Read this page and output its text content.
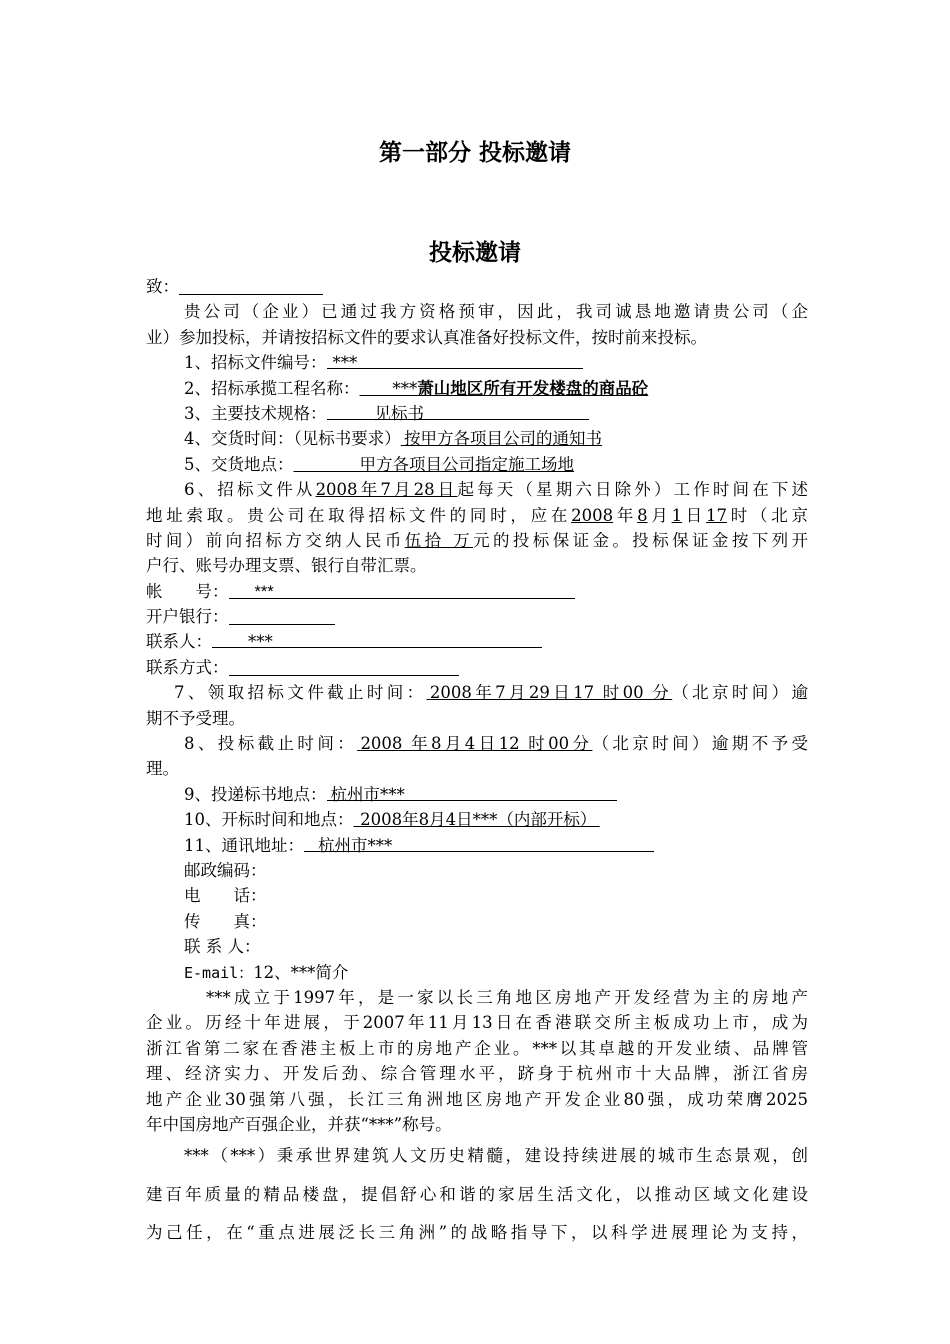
第一部分 投标邀请
投标邀请
致：
贵公司（企业）已通过我方资格预审，因此，我司诚恳地邀请贵公司（企
业）参加投标，并请按招标文件的要求认真准备好投标文件，按时前来投标。
1、招标文件编号： ***
2、招标承揽工程名称：   ***萧山地区所有开发楼盘的商品砼
3、主要技术规格：	见标书
4、交货时间：（见标书要求）  按甲方各项目公司的通知书
5、交货地点：    	甲方各项目公司指定施工场地
6、招标文件从2008年7月28日起每天（星期六日除外）工作时间在下述
地址索取。贵公司在取得招标文件的同时，应在2008年8月1日17时（北京
时间）前向招标方交纳人民币伍拾 万元的投标保证金。投标保证金按下列开
户行、账号办理支票、银行自带汇票。
帐　　号： ***
开户银行：
联系人： ***
联系方式：
7、领取招标文件截止时间：  2008年7月29日17 时00 分（北京时间）逾
期不予受理。
8、投标截止时间：  2008 年8月4日12 时00分（北京时间）逾期不予受
理。
9、投递标书地点： 杭州市***
10、开标时间和地点：   2008年8月4日***（内部开标） 
11、通讯地址： 杭州市***
邮政编码：
电　　话：
传　　真：
联 系 人：
E-mail：12、***简介
***成立于1997年，是一家以长三角地区房地产开发经营为主的房地产
企业。历经十年进展，于2007年11月13日在香港联交所主板成功上市，成为
浙江省第二家在香港主板上市的房地产企业。***以其卓越的开发业绩、品牌管
理、经济实力、开发后劲、综合管理水平，跻身于杭州市十大品牌，浙江省房
地产企业30强第八强，长江三角洲地区房地产开发企业80强，成功荣膺2025
年中国房地产百强企业，并获“***”称号。
***（***）秉承世界建筑人文历史精髓，建设持续进展的城市生态景观，创
建百年质量的精品楼盘，提倡舒心和谐的家居生活文化，以推动区域文化建设
为己任，在“重点进展泛长三角洲”的战略指导下，以科学进展理论为支持，
